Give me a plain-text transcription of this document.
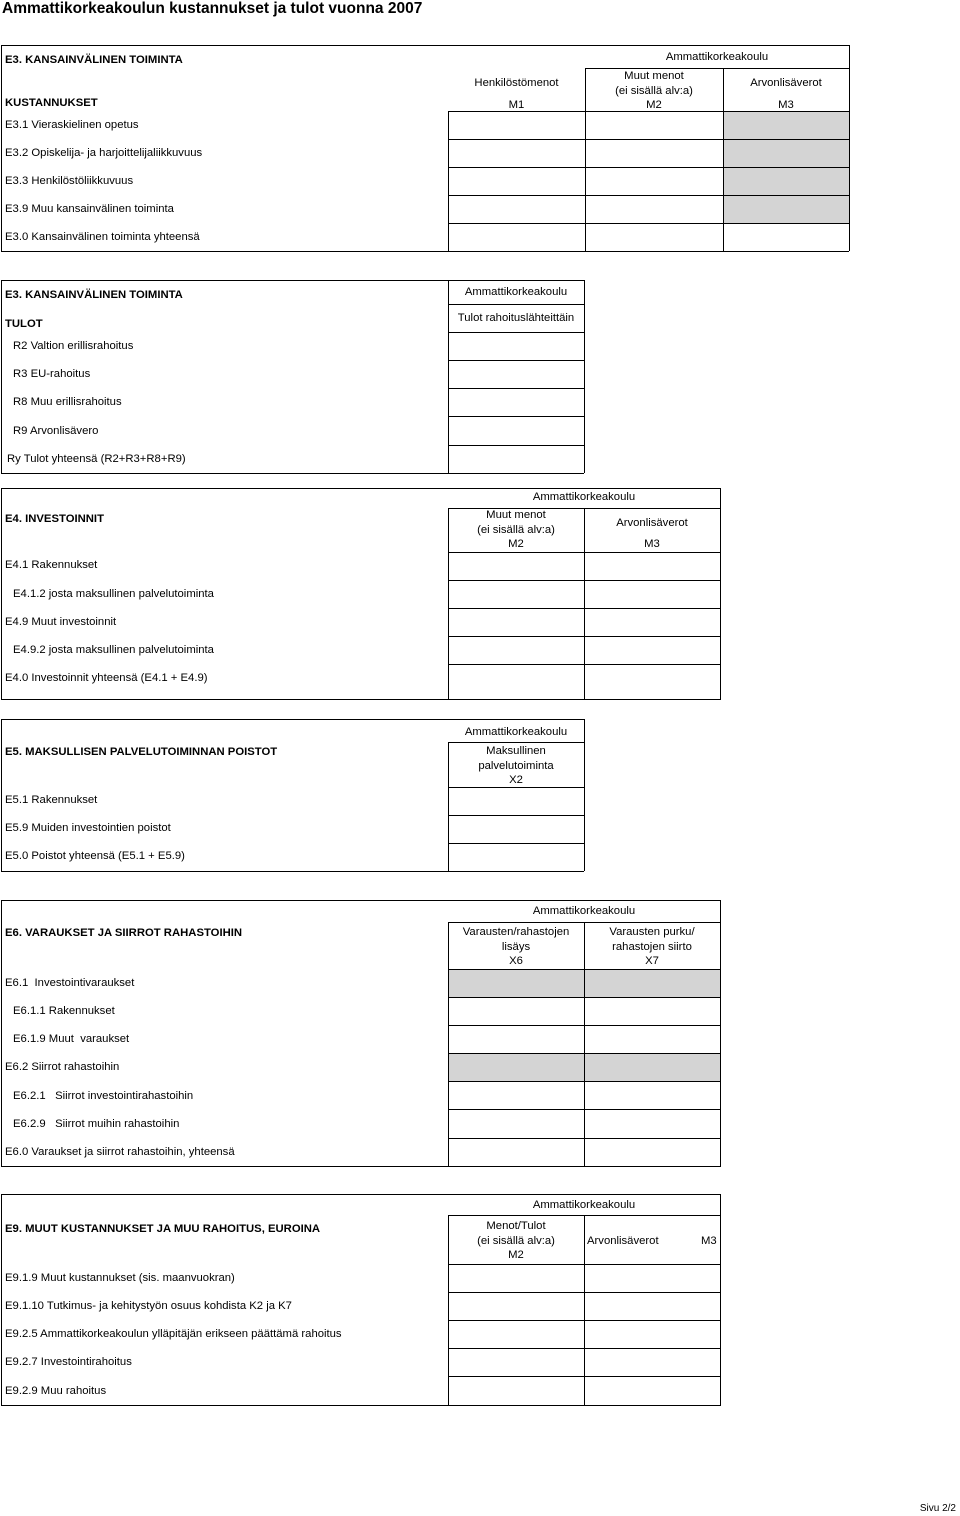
Ammattikorkeakoulun kustannukset ja tulot vuonna 2007
E3. KANSAINVÄLINEN TOIMINTA
KUSTANNUKSET
Ammattikorkeakoulu
Henkilöstömenot
M1
Muut menot
(ei sisällä alv:a)
M2
Arvonlisäverot
M3
E3.1 Vieraskielinen opetus
E3.2 Opiskelija- ja harjoittelijaliikkuvuus
E3.3 Henkilöstöliikkuvuus
E3.9 Muu kansainvälinen toiminta
E3.0 Kansainvälinen toiminta yhteensä
E3. KANSAINVÄLINEN TOIMINTA
TULOT
Ammattikorkeakoulu
Tulot rahoituslähteittäin
R2 Valtion erillisrahoitus
R3 EU-rahoitus
R8 Muu erillisrahoitus
R9 Arvonlisävero
Ry Tulot yhteensä (R2+R3+R8+R9)
E4. INVESTOINNIT
Ammattikorkeakoulu
Muut menot
(ei sisällä alv:a)
M2
Arvonlisäverot
M3
E4.1 Rakennukset
E4.1.2 josta maksullinen palvelutoiminta
E4.9 Muut investoinnit
E4.9.2 josta maksullinen palvelutoiminta
E4.0 Investoinnit yhteensä (E4.1 + E4.9)
E5. MAKSULLISEN PALVELUTOIMINNAN POISTOT
Ammattikorkeakoulu
Maksullinen
palvelutoiminta
X2
E5.1 Rakennukset
E5.9 Muiden investointien poistot
E5.0 Poistot yhteensä (E5.1 + E5.9)
E6. VARAUKSET JA SIIRROT RAHASTOIHIN
Ammattikorkeakoulu
Varausten/rahastojen
lisäys
X6
Varausten purku/
rahastojen siirto
X7
E6.1  Investointivaraukset
E6.1.1 Rakennukset
E6.1.9 Muut  varaukset
E6.2 Siirrot rahastoihin
E6.2.1   Siirrot investointirahastoihin
E6.2.9   Siirrot muihin rahastoihin
E6.0 Varaukset ja siirrot rahastoihin, yhteensä
E9. MUUT KUSTANNUKSET JA MUU RAHOITUS, EUROINA
Ammattikorkeakoulu
Menot/Tulot
(ei sisällä alv:a)
M2
Arvonlisäverot	M3
E9.1.9 Muut kustannukset (sis. maanvuokran)
E9.1.10 Tutkimus- ja kehitystyön osuus kohdista K2 ja K7
E9.2.5 Ammattikorkeakoulun ylläpitäjän erikseen päättämä rahoitus
E9.2.7 Investointirahoitus
E9.2.9 Muu rahoitus
Sivu 2/2
